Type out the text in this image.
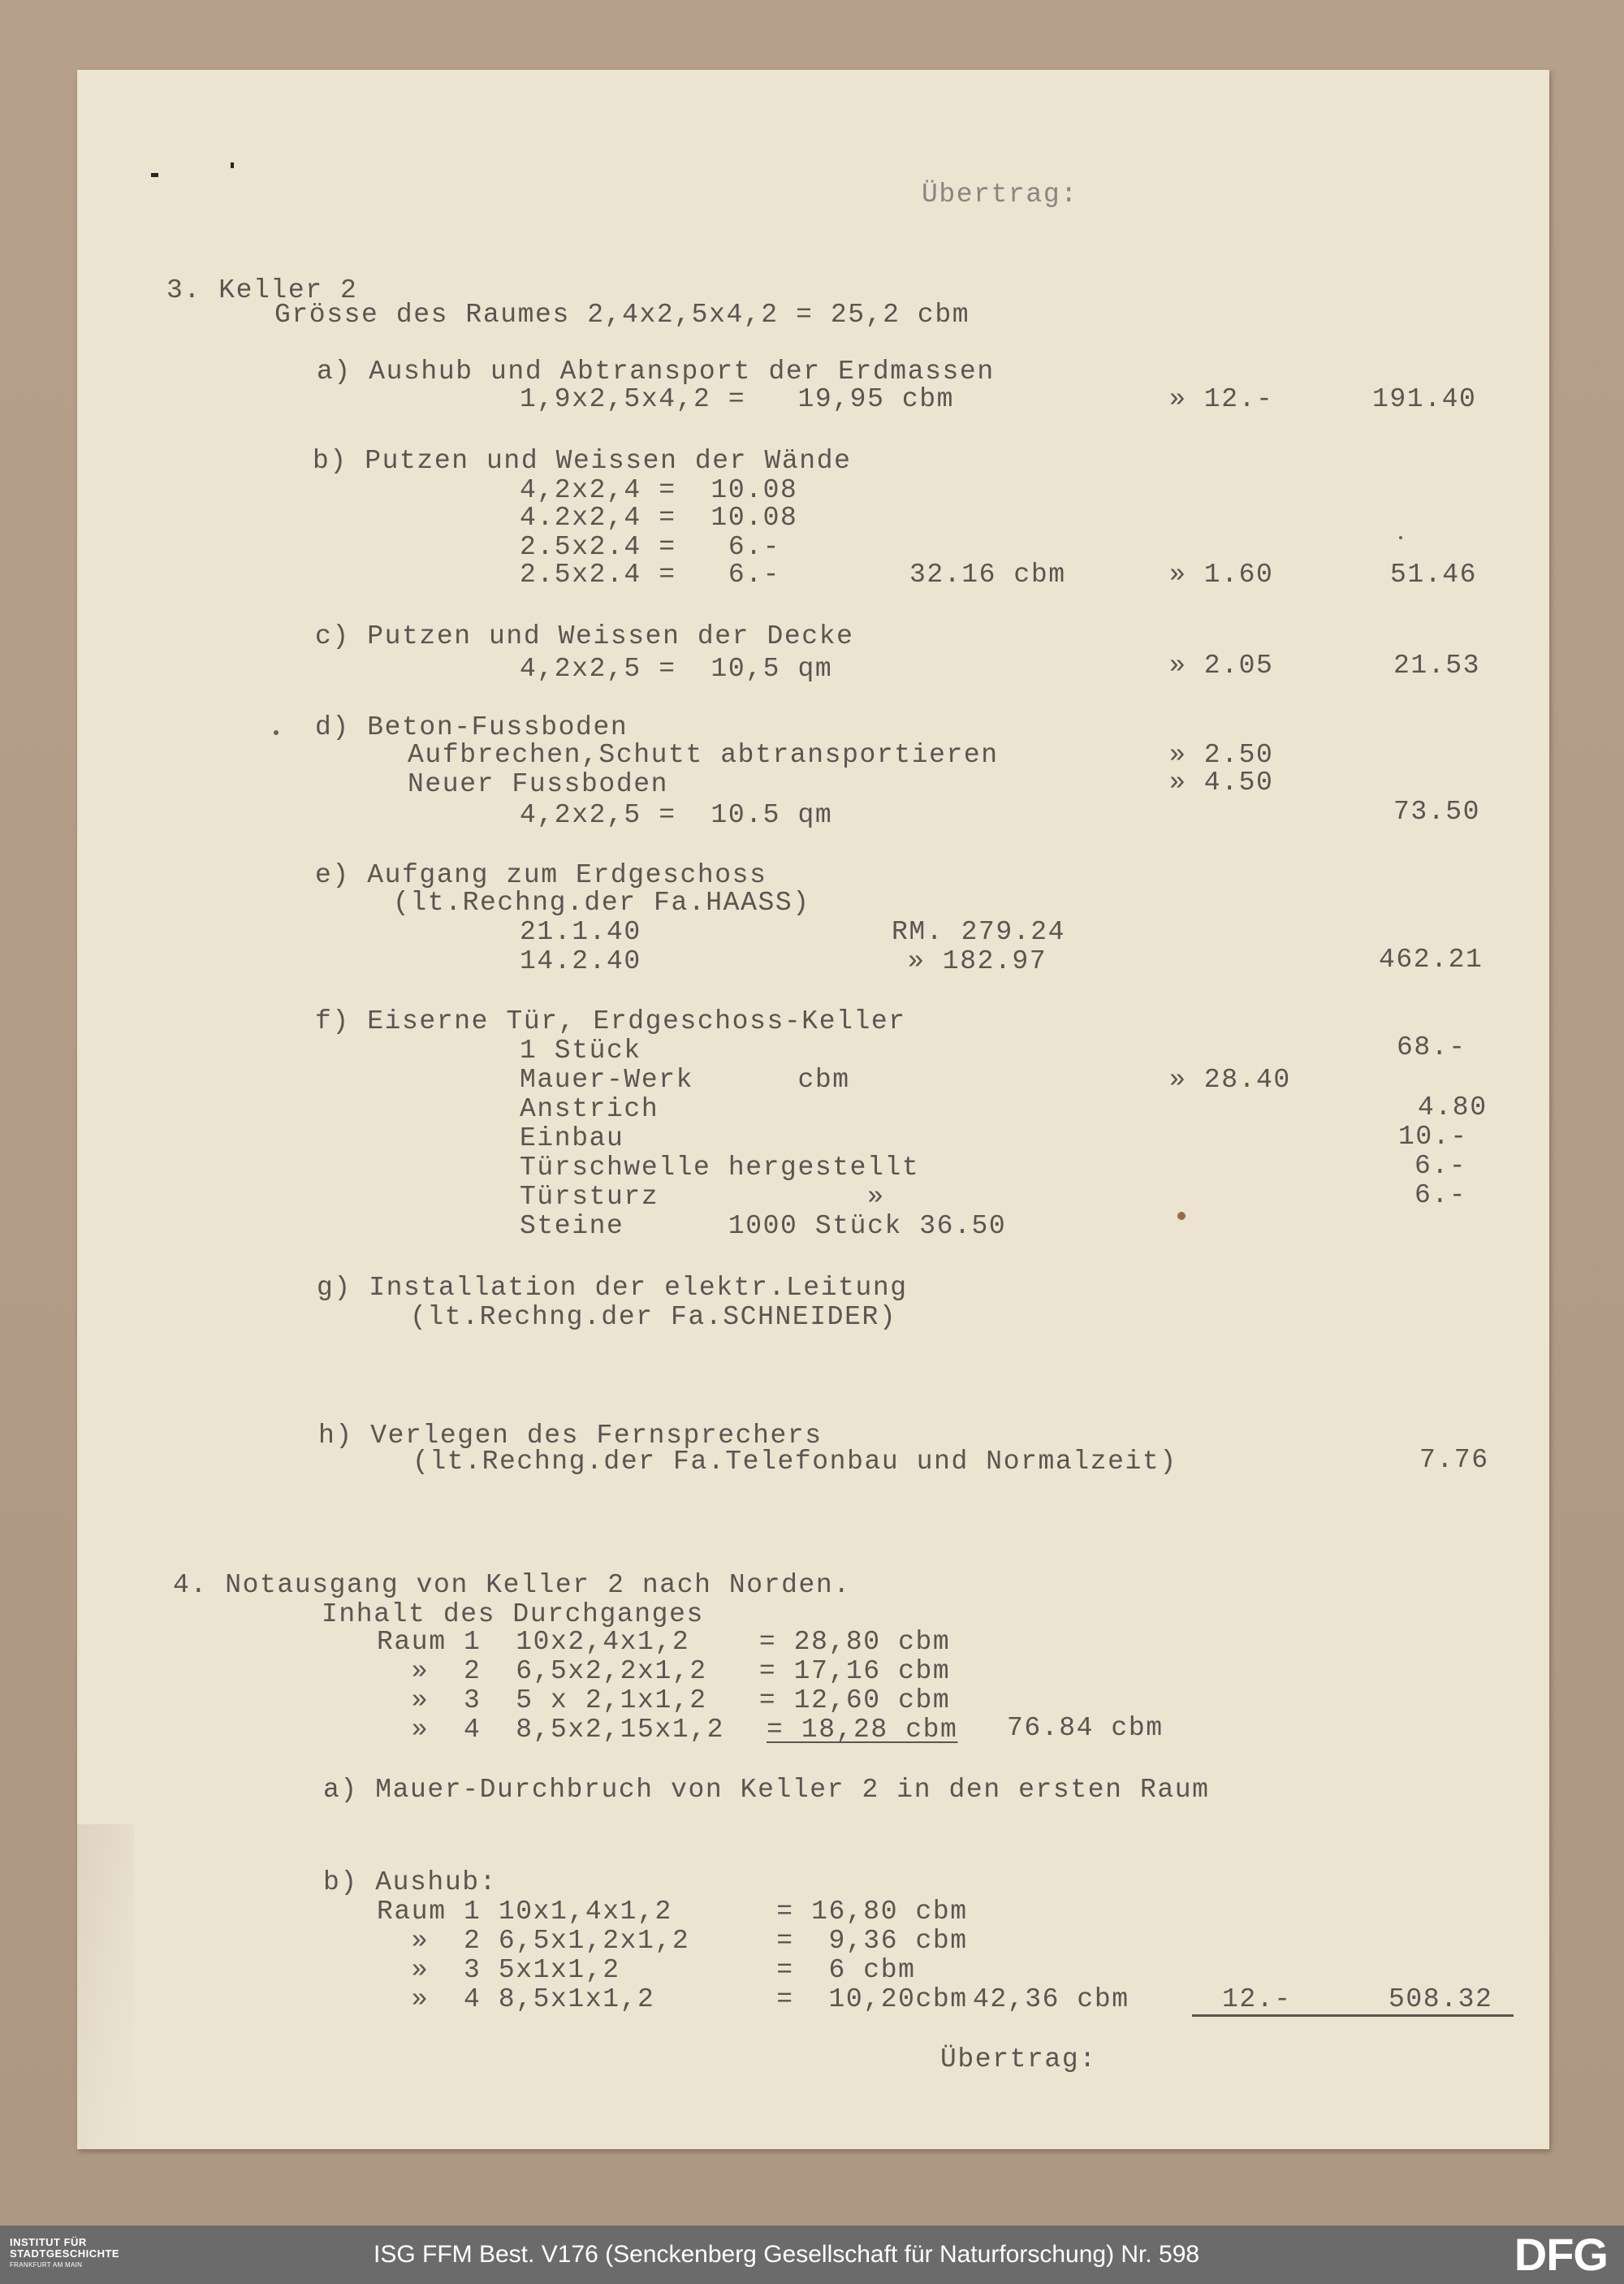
Übertrag:
3. Keller 2
Grösse des Raumes 2,4x2,5x4,2 = 25,2 cbm
a) Aushub und Abtransport der Erdmassen
1,9x2,5x4,2 =   19,95 cbm	» 12.-	191.40
b) Putzen und Weissen der Wände
4,2x2,4 =  10.08
4.2x2,4 =  10.08
2.5x2.4 =   6.-
2.5x2.4 =   6.-	32.16 cbm	» 1.60	51.46
c) Putzen und Weissen der Decke
4,2x2,5 =  10,5 qm	» 2.05	21.53
d) Beton-Fussboden
Aufbrechen,Schutt abtransportieren	» 2.50
Neuer Fussboden	» 4.50
4,2x2,5 =  10.5 qm	73.50
e) Aufgang zum Erdgeschoss
(lt.Rechng.der Fa.HAASS)
21.1.40	RM. 279.24
14.2.40	» 182.97	462.21
f) Eiserne Tür, Erdgeschoss-Keller
1 Stück	68.-
Mauer-Werk      cbm	» 28.40
Anstrich	4.80
Einbau	10.-
Türschwelle hergestellt	6.-
Türsturz            »	6.-
Steine      1000 Stück 36.50
g) Installation der elektr.Leitung
(lt.Rechng.der Fa.SCHNEIDER)
h) Verlegen des Fernsprechers
(lt.Rechng.der Fa.Telefonbau und Normalzeit)	7.76
4. Notausgang von Keller 2 nach Norden.
Inhalt des Durchganges
Raum 1  10x2,4x1,2    = 28,80 cbm
»  2  6,5x2,2x1,2   = 17,16 cbm
»  3  5 x 2,1x1,2   = 12,60 cbm
»  4  8,5x2,15x1,2 = 18,28 cbm 76.84 cbm
a) Mauer-Durchbruch von Keller 2 in den ersten Raum
b) Aushub:
Raum 1 10x1,4x1,2      = 16,80 cbm
»  2 6,5x1,2x1,2     =  9,36 cbm
»  3 5x1x1,2         =  6 cbm
»  4 8,5x1x1,2       =  10,20cbm 42,36 cbm	12.-	508.32
Übertrag:
INSTITUT FÜR
STADTGESCHICHTE
FRANKFURT AM MAIN	ISG FFM Best. V176 (Senckenberg Gesellschaft für Naturforschung) Nr. 598	DFG
